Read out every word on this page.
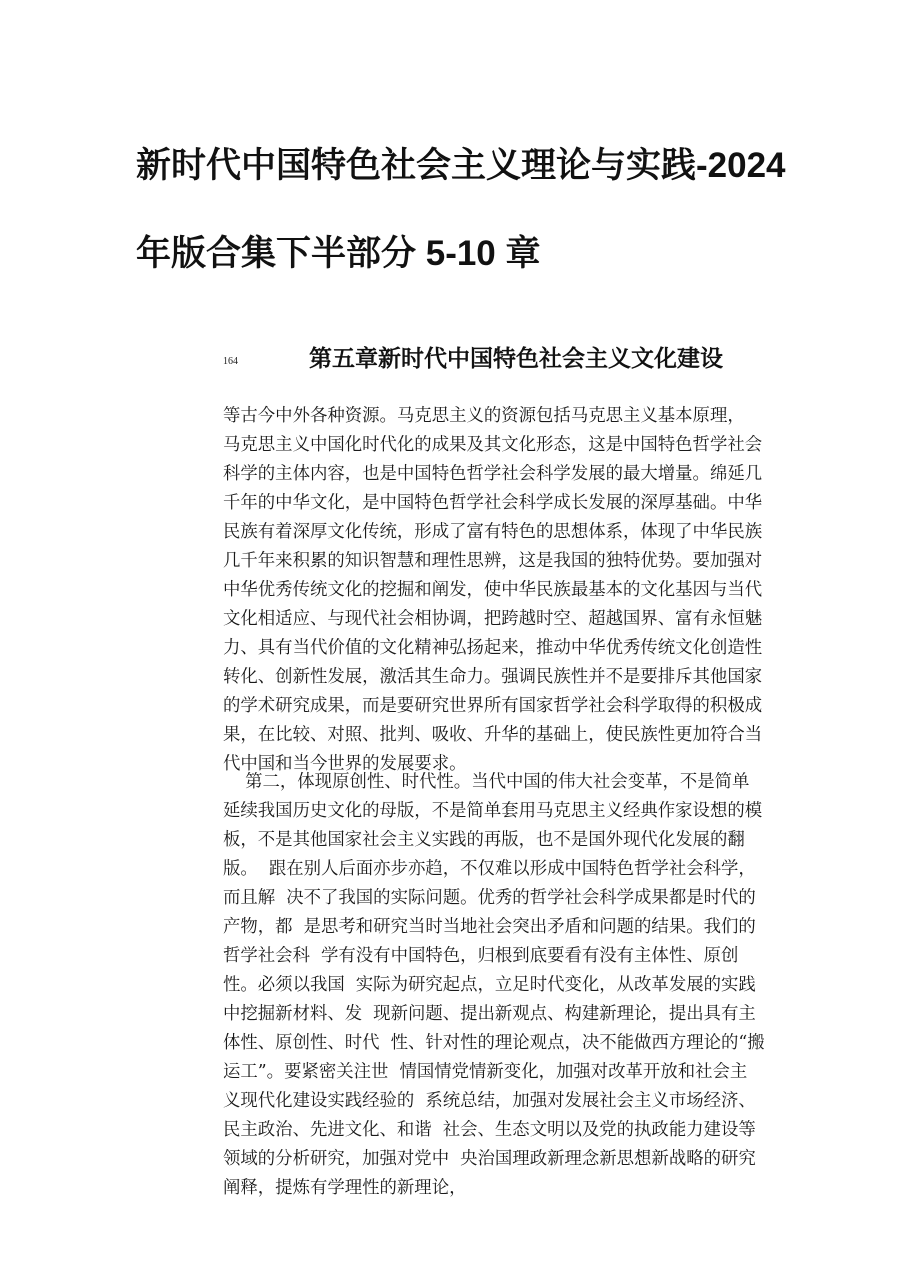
新时代中国特色社会主义理论与实践-2024
年版合集下半部分 5-10 章
164	第五章新时代中国特色社会主义文化建设
等古今中外各种资源。马克思主义的资源包括马克思主义基本原理，
马克思主义中国化时代化的成果及其文化形态，这是中国特色哲学社会
科学的主体内容，也是中国特色哲学社会科学发展的最大增量。绵延几
千年的中华文化，是中国特色哲学社会科学成长发展的深厚基础。中华
民族有着深厚文化传统，形成了富有特色的思想体系，体现了中华民族
几千年来积累的知识智慧和理性思辨，这是我国的独特优势。要加强对
中华优秀传统文化的挖掘和阐发，使中华民族最基本的文化基因与当代
文化相适应、与现代社会相协调，把跨越时空、超越国界、富有永恒魅
力、具有当代价值的文化精神弘扬起来，推动中华优秀传统文化创造性
转化、创新性发展，激活其生命力。强调民族性并不是要排斥其他国家
的学术研究成果，而是要研究世界所有国家哲学社会科学取得的积极成
果，在比较、对照、批判、吸收、升华的基础上，使民族性更加符合当
代中国和当今世界的发展要求。
第二，体现原创性、时代性。当代中国的伟大社会变革，不是简单
延续我国历史文化的母版，不是简单套用马克思主义经典作家设想的模
板，不是其他国家社会主义实践的再版，也不是国外现代化发展的翻
版。  跟在别人后面亦步亦趋，不仅难以形成中国特色哲学社会科学，
而且解  决不了我国的实际问题。优秀的哲学社会科学成果都是时代的
产物，都  是思考和研究当时当地社会突出矛盾和问题的结果。我们的
哲学社会科  学有没有中国特色，归根到底要看有没有主体性、原创
性。必须以我国  实际为研究起点，立足时代变化，从改革发展的实践
中挖掘新材料、发  现新问题、提出新观点、构建新理论，提出具有主
体性、原创性、时代  性、针对性的理论观点，决不能做西方理论的“搬
运工”。要紧密关注世  情国情党情新变化，加强对改革开放和社会主
义现代化建设实践经验的  系统总结，加强对发展社会主义市场经济、
民主政治、先进文化、和谐  社会、生态文明以及党的执政能力建设等
领域的分析研究，加强对党中  央治国理政新理念新思想新战略的研究
阐释，提炼有学理性的新理论，
